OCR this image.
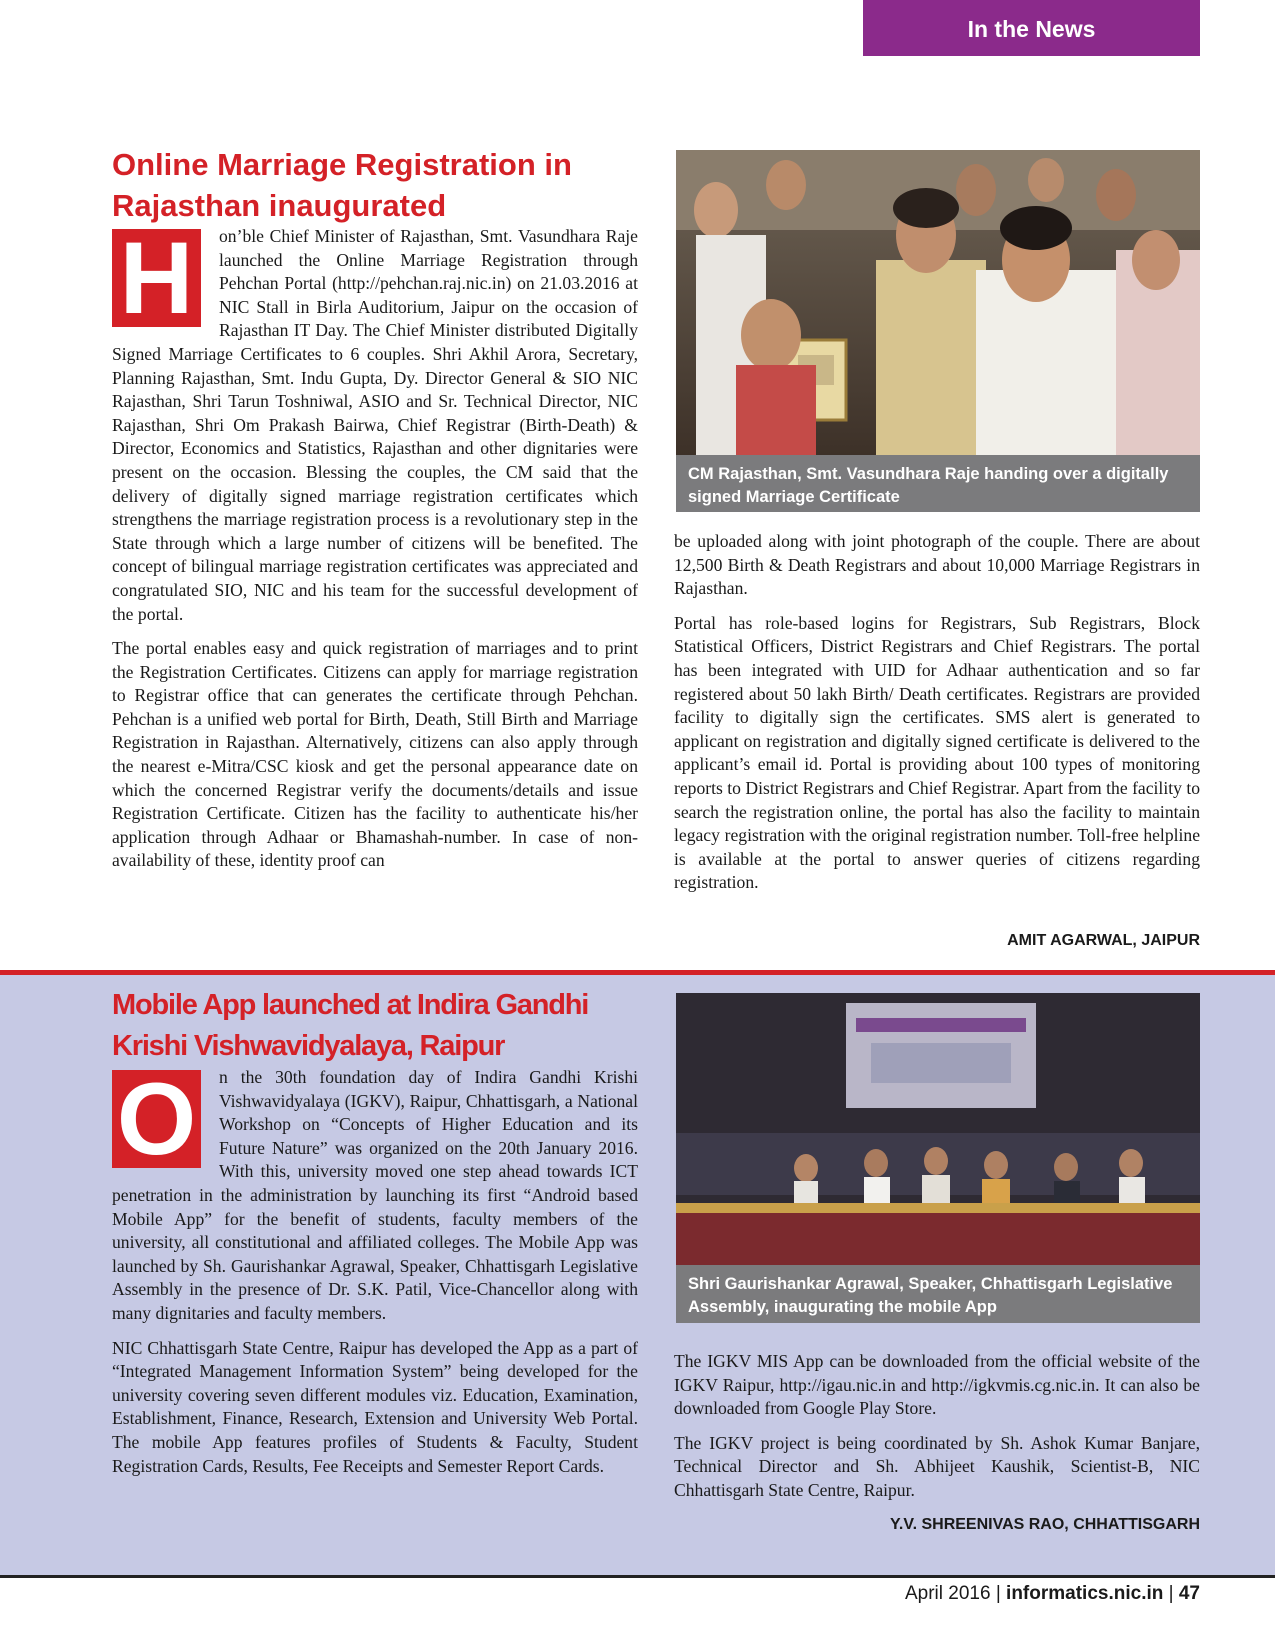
In the News
Online Marriage Registration in
Rajasthan inaugurated

H	on’ble Chief Minister of Rajasthan, Smt. Vasundhara Raje launched the Online Marriage Registration through Pehchan Portal (http://pehchan.raj.nic.in) on 21.03.2016 at NIC Stall in Birla Auditorium, Jaipur on the occasion of Rajasthan IT Day. The Chief Minister distributed Digitally Signed Marriage Certificates to 6 couples. Shri Akhil Arora, Secretary, Planning Rajasthan, Smt. Indu Gupta, Dy. Director General & SIO NIC Rajasthan, Shri Tarun Toshniwal, ASIO and Sr. Technical Director, NIC Rajasthan, Shri Om Prakash Bairwa, Chief Registrar (Birth-Death) & Director, Economics and Statistics, Rajasthan and other dignitaries were present on the occasion. Blessing the couples, the CM said that the delivery of digitally signed marriage registration certificates which strengthens the marriage registration process is a revolutionary step in the State through which a large number of citizens will be benefited. The concept of bilingual marriage registration certificates was appreciated and congratulated SIO, NIC and his team for the successful development of the portal.

The portal enables easy and quick registration of marriages and to print the Registration Certificates. Citizens can apply for marriage registration to Registrar office that can generates the certificate through Pehchan. Pehchan is a unified web portal for Birth, Death, Still Birth and Marriage Registration in Rajasthan. Alternatively, citizens can also apply through the nearest e-Mitra/CSC kiosk and get the personal appearance date on which the concerned Registrar verify the documents/details and issue Registration Certificate. Citizen has the facility to authenticate his/her application through Adhaar or Bhamashah-number. In case of non-availability of these, identity proof can

CM Rajasthan, Smt. Vasundhara Raje handing over a digitally signed Marriage Certificate

be uploaded along with joint photograph of the couple. There are about 12,500 Birth & Death Registrars and about 10,000 Marriage Registrars in Rajasthan.

Portal has role-based logins for Registrars, Sub Registrars, Block Statistical Officers, District Registrars and Chief Registrars. The portal has been integrated with UID for Adhaar authentication and so far registered about 50 lakh Birth/ Death certificates. Registrars are provided facility to digitally sign the certificates. SMS alert is generated to applicant on registration and digitally signed certificate is delivered to the applicant’s email id. Portal is providing about 100 types of monitoring reports to District Registrars and Chief Registrar. Apart from the facility to search the registration online, the portal has also the facility to maintain legacy registration with the original registration number. Toll-free helpline is available at the portal to answer queries of citizens regarding registration.

AMIT AGARWAL, JAIPUR
Mobile App launched at Indira Gandhi
Krishi Vishwavidyalaya, Raipur

O n the 30th foundation day of Indira Gandhi Krishi Vishwavidyalaya (IGKV), Raipur, Chhattisgarh, a National Workshop on “Concepts of Higher Education and its Future Nature” was organized on the 20th January 2016. With this, university moved one step ahead towards ICT penetration in the administration by launching its first “Android based Mobile App” for the benefit of students, faculty members of the university, all constitutional and affiliated colleges. The Mobile App was launched by Sh. Gaurishankar Agrawal, Speaker, Chhattisgarh Legislative Assembly in the presence of Dr. S.K. Patil, Vice-Chancellor along with many dignitaries and faculty members.

NIC Chhattisgarh State Centre, Raipur has developed the App as a part of “Integrated Management Information System” being developed for the university covering seven different modules viz. Education, Examination, Establishment, Finance, Research, Extension and University Web Portal. The mobile App features profiles of Students & Faculty, Student Registration Cards, Results, Fee Receipts and Semester Report Cards.

Shri Gaurishankar Agrawal, Speaker, Chhattisgarh Legislative Assembly, inaugurating the mobile App

The IGKV MIS App can be downloaded from the official website of the IGKV Raipur, http://igau.nic.in and http://igkvmis.cg.nic.in. It can also be downloaded from Google Play Store.

The IGKV project is being coordinated by Sh. Ashok Kumar Banjare, Technical Director and Sh. Abhijeet Kaushik, Scientist-B, NIC Chhattisgarh State Centre, Raipur.

Y.V. SHREENIVAS RAO, CHHATTISGARH
April 2016 | informatics.nic.in | 47
